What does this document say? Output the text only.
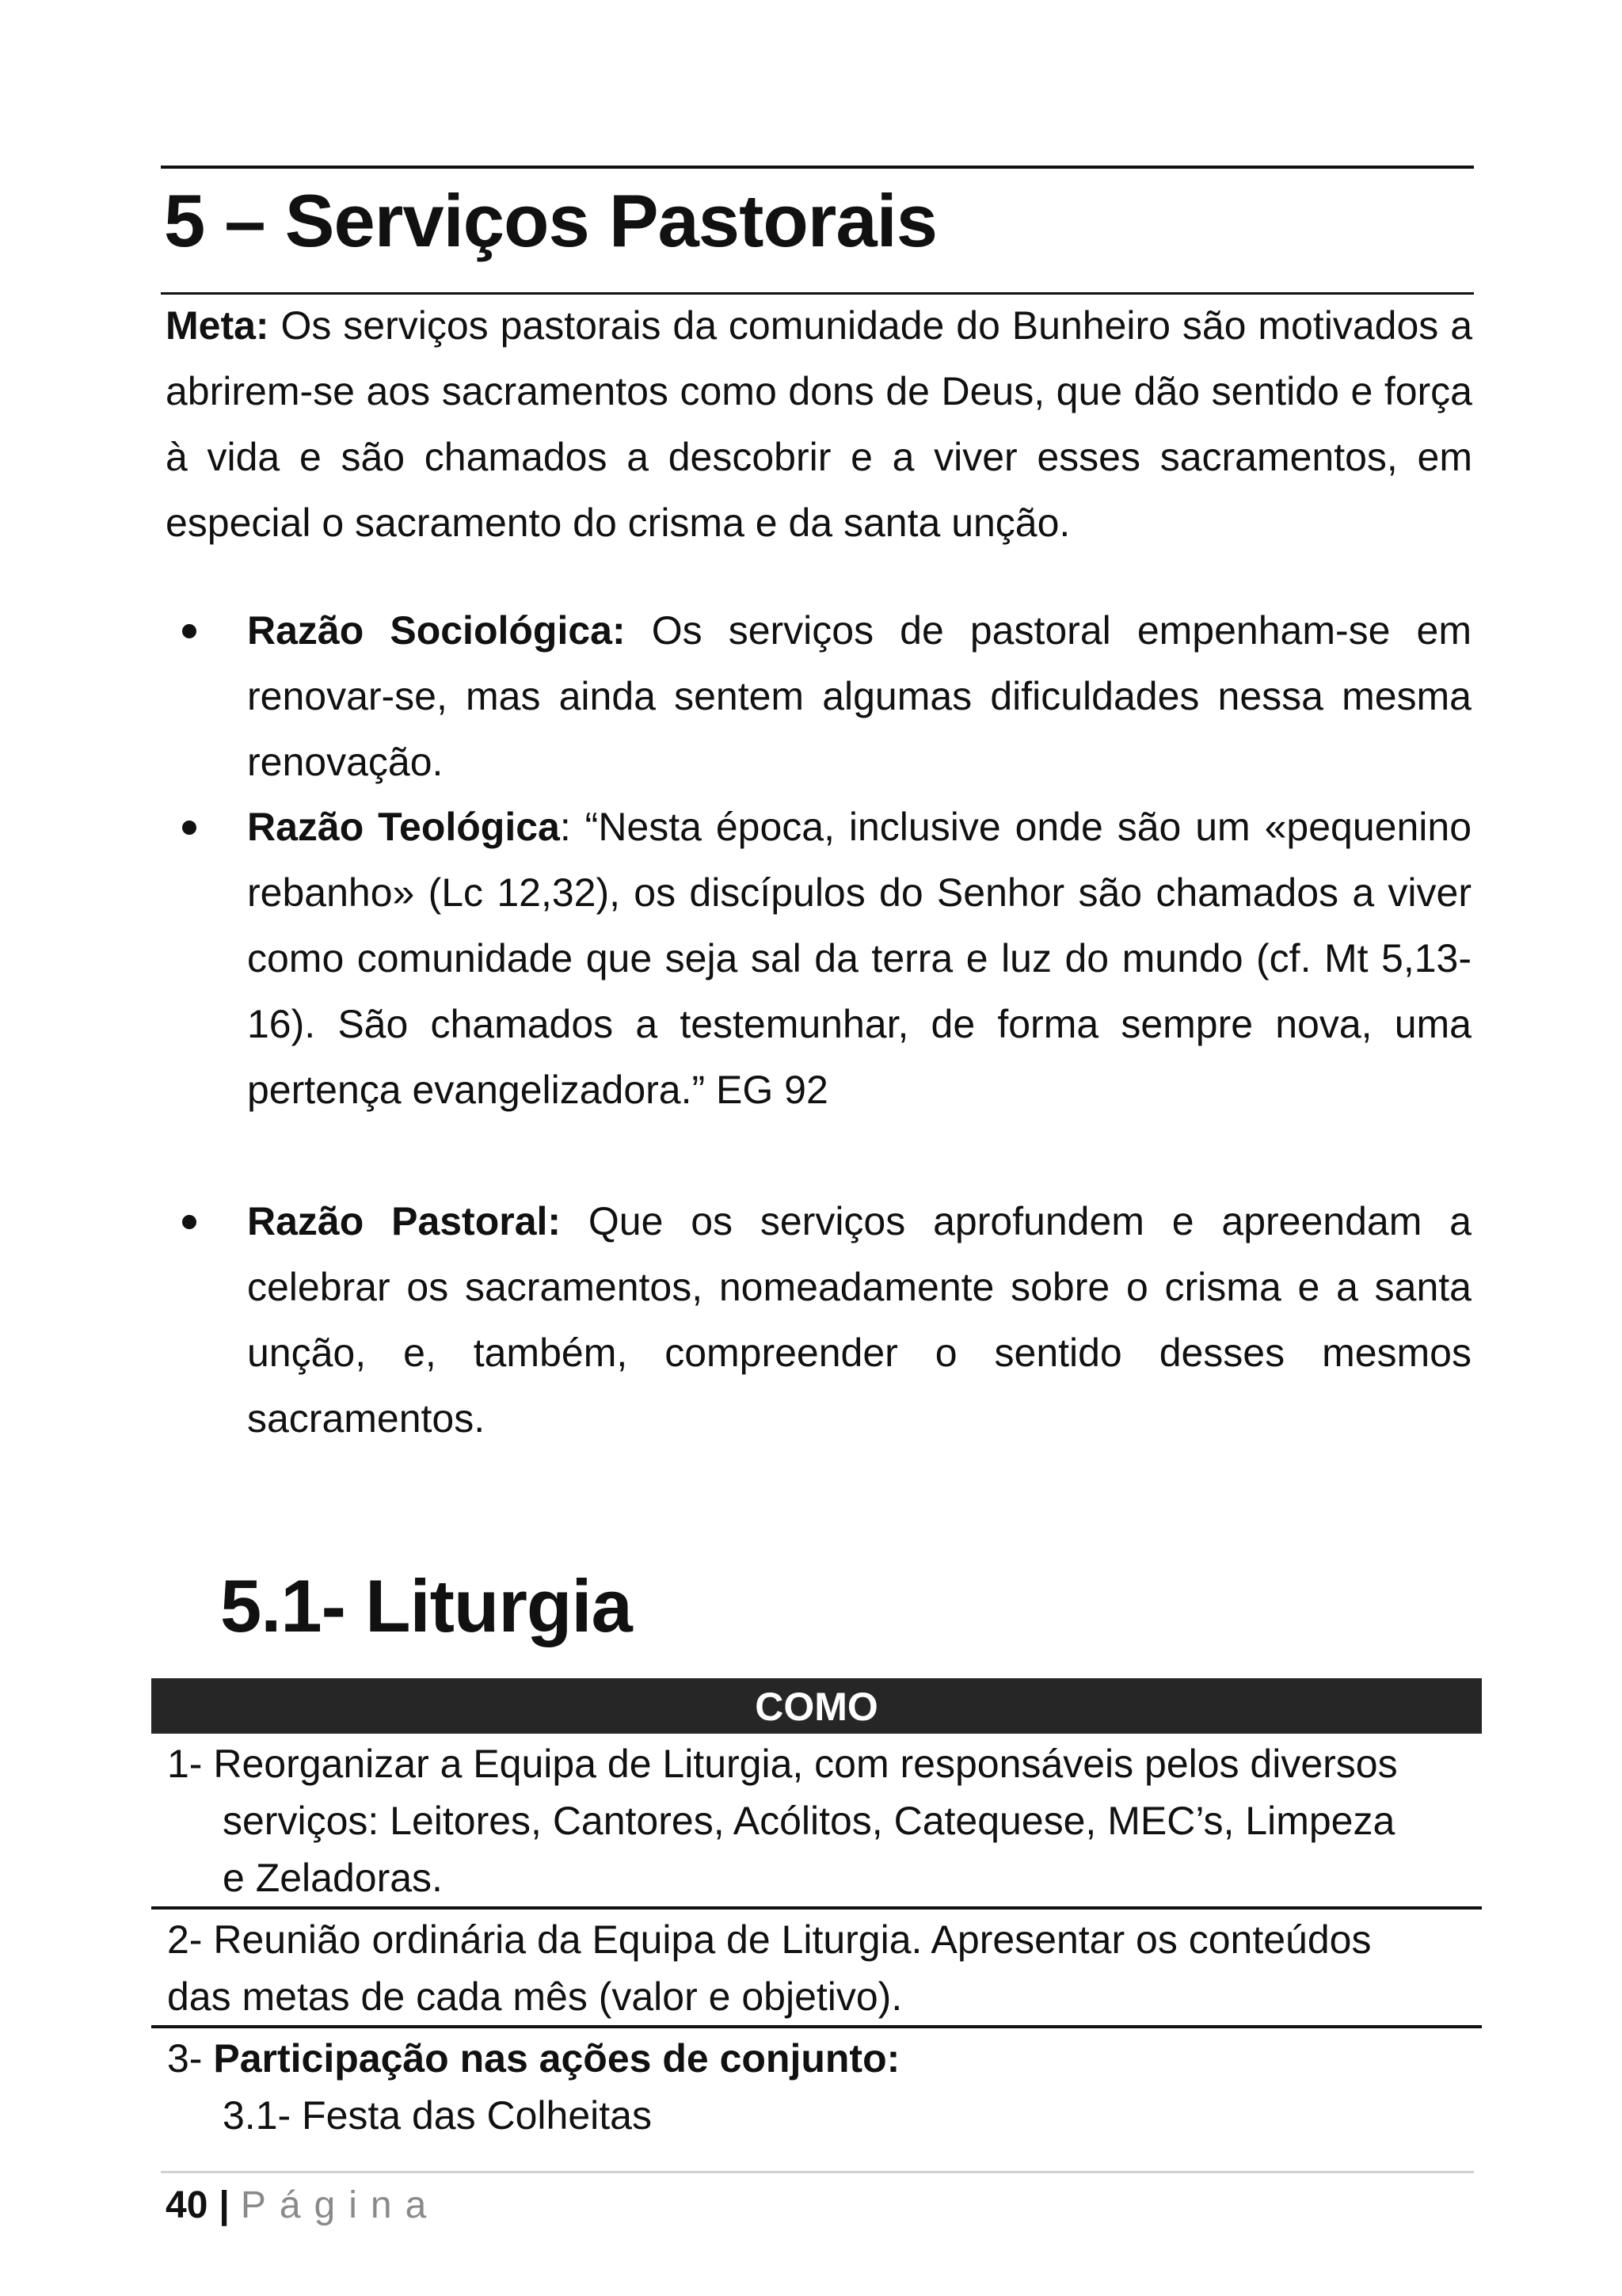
5 – Serviços Pastorais

Meta: Os serviços pastorais da comunidade do Bunheiro são motivados a abrirem-se aos sacramentos como dons de Deus, que dão sentido e força à vida e são chamados a descobrir e a viver esses sacramentos, em especial o sacramento do crisma e da santa unção.

Razão Sociológica: Os serviços de pastoral empenham-se em renovar-se, mas ainda sentem algumas dificuldades nessa mesma renovação.

Razão Teológica: “Nesta época, inclusive onde são um «pequenino rebanho» (Lc 12,32), os discípulos do Senhor são chamados a viver como comunidade que seja sal da terra e luz do mundo (cf. Mt 5,13-16). São chamados a testemunhar, de forma sempre nova, uma pertença evangelizadora.” EG 92

Razão Pastoral: Que os serviços aprofundem e apreendam a celebrar os sacramentos, nomeadamente sobre o crisma e a santa unção, e, também, compreender o sentido desses mesmos sacramentos.

5.1- Liturgia
COMO
1- Reorganizar a Equipa de Liturgia, com responsáveis pelos diversos
serviços: Leitores, Cantores, Acólitos, Catequese, MEC’s, Limpeza
e Zeladoras.
2- Reunião ordinária da Equipa de Liturgia. Apresentar os conteúdos
das metas de cada mês (valor e objetivo).
3- Participação nas ações de conjunto:
3.1- Festa das Colheitas
40 | Página
